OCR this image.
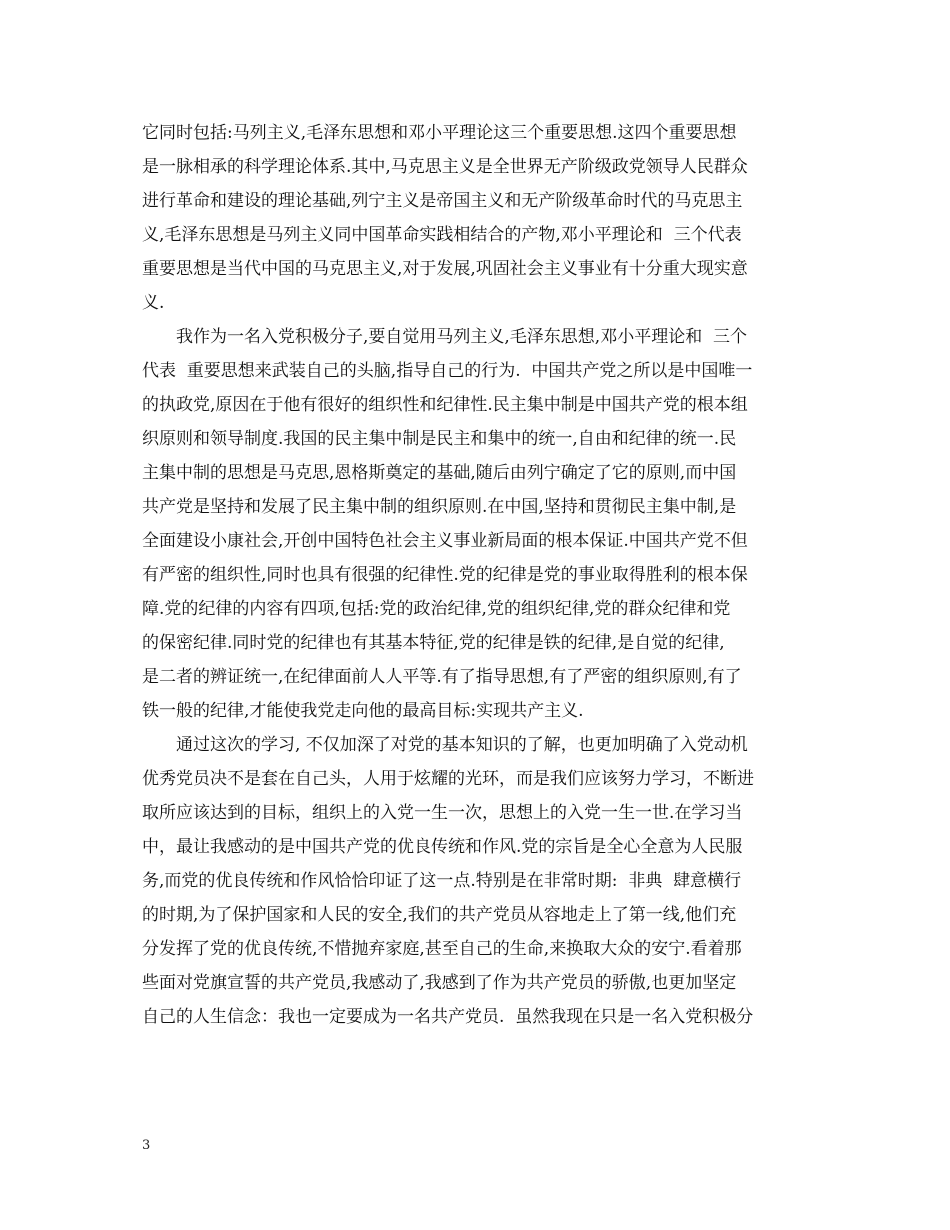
它同时包括:马列主义,毛泽东思想和邓小平理论这三个重要思想.这四个重要思想
是一脉相承的科学理论体系.其中,马克思主义是全世界无产阶级政党领导人民群众
进行革命和建设的理论基础,列宁主义是帝国主义和无产阶级革命时代的马克思主
义,毛泽东思想是马列主义同中国革命实践相结合的产物,邓小平理论和  三个代表
重要思想是当代中国的马克思主义,对于发展,巩固社会主义事业有十分重大现实意
义.
我作为一名入党积极分子,要自觉用马列主义,毛泽东思想,邓小平理论和  三个
代表  重要思想来武装自己的头脑,指导自己的行为.  中国共产党之所以是中国唯一
的执政党,原因在于他有很好的组织性和纪律性.民主集中制是中国共产党的根本组
织原则和领导制度.我国的民主集中制是民主和集中的统一,自由和纪律的统一.民
主集中制的思想是马克思,恩格斯奠定的基础,随后由列宁确定了它的原则,而中国
共产党是坚持和发展了民主集中制的组织原则.在中国,坚持和贯彻民主集中制,是
全面建设小康社会,开创中国特色社会主义事业新局面的根本保证.中国共产党不但
有严密的组织性,同时也具有很强的纪律性.党的纪律是党的事业取得胜利的根本保
障.党的纪律的内容有四项,包括:党的政治纪律,党的组织纪律,党的群众纪律和党
的保密纪律.同时党的纪律也有其基本特征,党的纪律是铁的纪律,是自觉的纪律,
是二者的辨证统一,在纪律面前人人平等.有了指导思想,有了严密的组织原则,有了
铁一般的纪律,才能使我党走向他的最高目标:实现共产主义.
通过这次的学习, 不仅加深了对党的基本知识的了解，也更加明确了入党动机
优秀党员决不是套在自己头，人用于炫耀的光环，而是我们应该努力学习，不断进
取所应该达到的目标，组织上的入党一生一次，思想上的入党一生一世.在学习当
中，最让我感动的是中国共产党的优良传统和作风.党的宗旨是全心全意为人民服
务,而党的优良传统和作风恰恰印证了这一点.特别是在非常时期:  非典  肆意横行
的时期,为了保护国家和人民的安全,我们的共产党员从容地走上了第一线,他们充
分发挥了党的优良传统,不惜抛弃家庭,甚至自己的生命,来换取大众的安宁.看着那
些面对党旗宣誓的共产党员,我感动了,我感到了作为共产党员的骄傲,也更加坚定
自己的人生信念：我也一定要成为一名共产党员.  虽然我现在只是一名入党积极分
3
